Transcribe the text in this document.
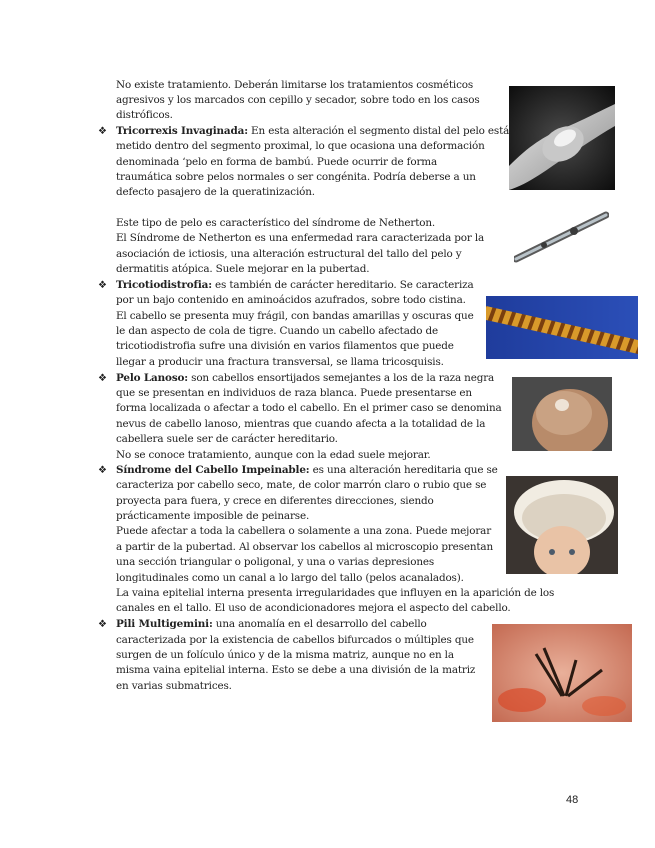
No existe tratamiento. Deberán limitarse los tratamientos cosméticos
agresivos y los marcados con cepillo y secador, sobre todo en los casos
distróficos.
❖ Tricorrexis Invaginada: En esta alteración el segmento distal del pelo está
metido dentro del segmento proximal, lo que ocasiona una deformación
denominada ‘pelo en forma de bambú. Puede ocurrir de forma
traumática sobre pelos normales o ser congénita. Podría deberse a un
defecto pasajero de la queratinización.
Este tipo de pelo es característico del síndrome de Netherton.
El Síndrome de Netherton es una enfermedad rara caracterizada por la
asociación de ictiosis, una alteración estructural del tallo del pelo y
dermatitis atópica. Suele mejorar en la pubertad.
❖ Tricotiodistrofia: es también de carácter hereditario. Se caracteriza
por un bajo contenido en aminoácidos azufrados, sobre todo cistina.
El cabello se presenta muy frágil, con bandas amarillas y oscuras que
le dan aspecto de cola de tigre. Cuando un cabello afectado de
tricotiodistrofia sufre una división en varios filamentos que puede
llegar a producir una fractura transversal, se llama tricosquisis.
❖ Pelo Lanoso: son cabellos ensortijados semejantes a los de la raza negra
que se presentan en individuos de raza blanca. Puede presentarse en
forma localizada o afectar a todo el cabello. En el primer caso se denomina
nevus de cabello lanoso, mientras que cuando afecta a la totalidad de la
cabellera suele ser de carácter hereditario.
No se conoce tratamiento, aunque con la edad suele mejorar.
❖ Síndrome del Cabello Impeinable: es una alteración hereditaria que se
caracteriza por cabello seco, mate, de color marrón claro o rubio que se
proyecta para fuera, y crece en diferentes direcciones, siendo
prácticamente imposible de peinarse.
Puede afectar a toda la cabellera o solamente a una zona. Puede mejorar
a partir de la pubertad. Al observar los cabellos al microscopio presentan
una sección triangular o poligonal, y una o varias depresiones
longitudinales como un canal a lo largo del tallo (pelos acanalados).
La vaina epitelial interna presenta irregularidades que influyen en la aparición de los
canales en el tallo. El uso de acondicionadores mejora el aspecto del cabello.
❖ Pili Multigemini: una anomalía en el desarrollo del cabello
caracterizada por la existencia de cabellos bifurcados o múltiples que
surgen de un folículo único y de la misma matriz, aunque no en la
misma vaina epitelial interna. Esto se debe a una división de la matriz
en varias submatrices.
48
